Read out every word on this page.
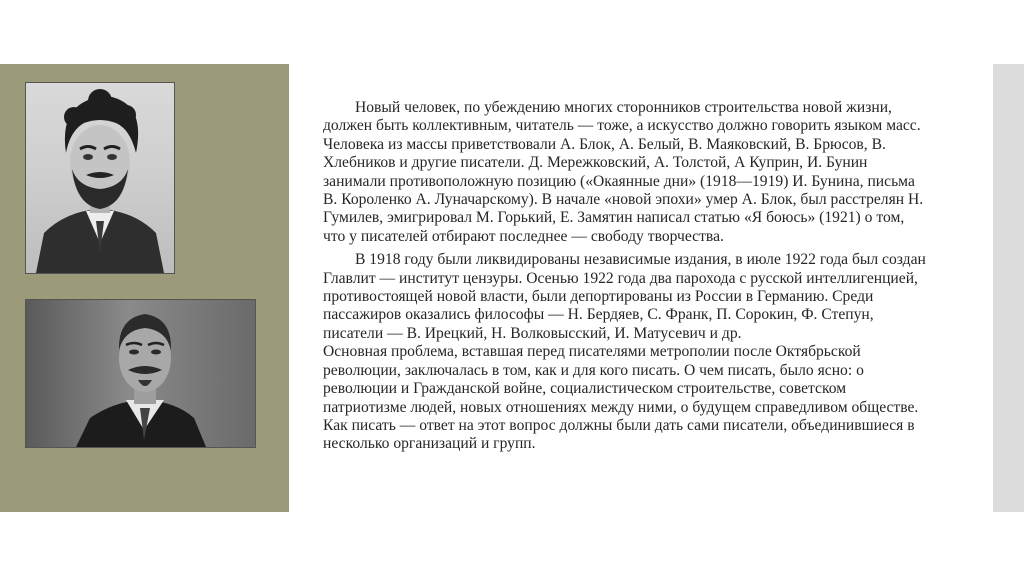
Новый человек, по убеждению многих сторонников строительства новой жизни, должен быть коллективным, читатель — тоже, а искусство должно говорить языком масс. Человека из массы приветствовали А. Блок, А. Белый, В. Маяковский, В. Брюсов, В. Хлебников и другие писатели. Д. Мережковский, А. Толстой, А Куприн, И. Бунин занимали противоположную позицию («Окаянные дни» (1918—1919) И. Бунина, письма В. Короленко А. Луначарскому). В начале «новой эпохи» умер А. Блок, был расстрелян Н. Гумилев, эмигрировал М. Горький, Е. Замятин написал статью «Я боюсь» (1921) о том, что у писателей отбирают последнее — свободу творчества.

В 1918 году были ликвидированы независимые издания, в июле 1922 года был создан Главлит — институт цензуры. Осенью 1922 года два парохода с русской интеллигенцией, противостоящей новой власти, были депортированы из России в Германию. Среди пассажиров оказались философы — Н. Бердяев, С. Франк, П. Сорокин, Ф. Степун, писатели — В. Ирецкий, Н. Волковысский, И. Матусевич и др.

Основная проблема, вставшая перед писателями метрополии после Октябрьской революции, заключалась в том, как и для кого писать. О чем писать, было ясно: о революции и Гражданской войне, социалистическом строительстве, советском патриотизме людей, новых отношениях между ними, о будущем справедливом обществе. Как писать — ответ на этот вопрос должны были дать сами писатели, объединившиеся в несколько организаций и групп.
